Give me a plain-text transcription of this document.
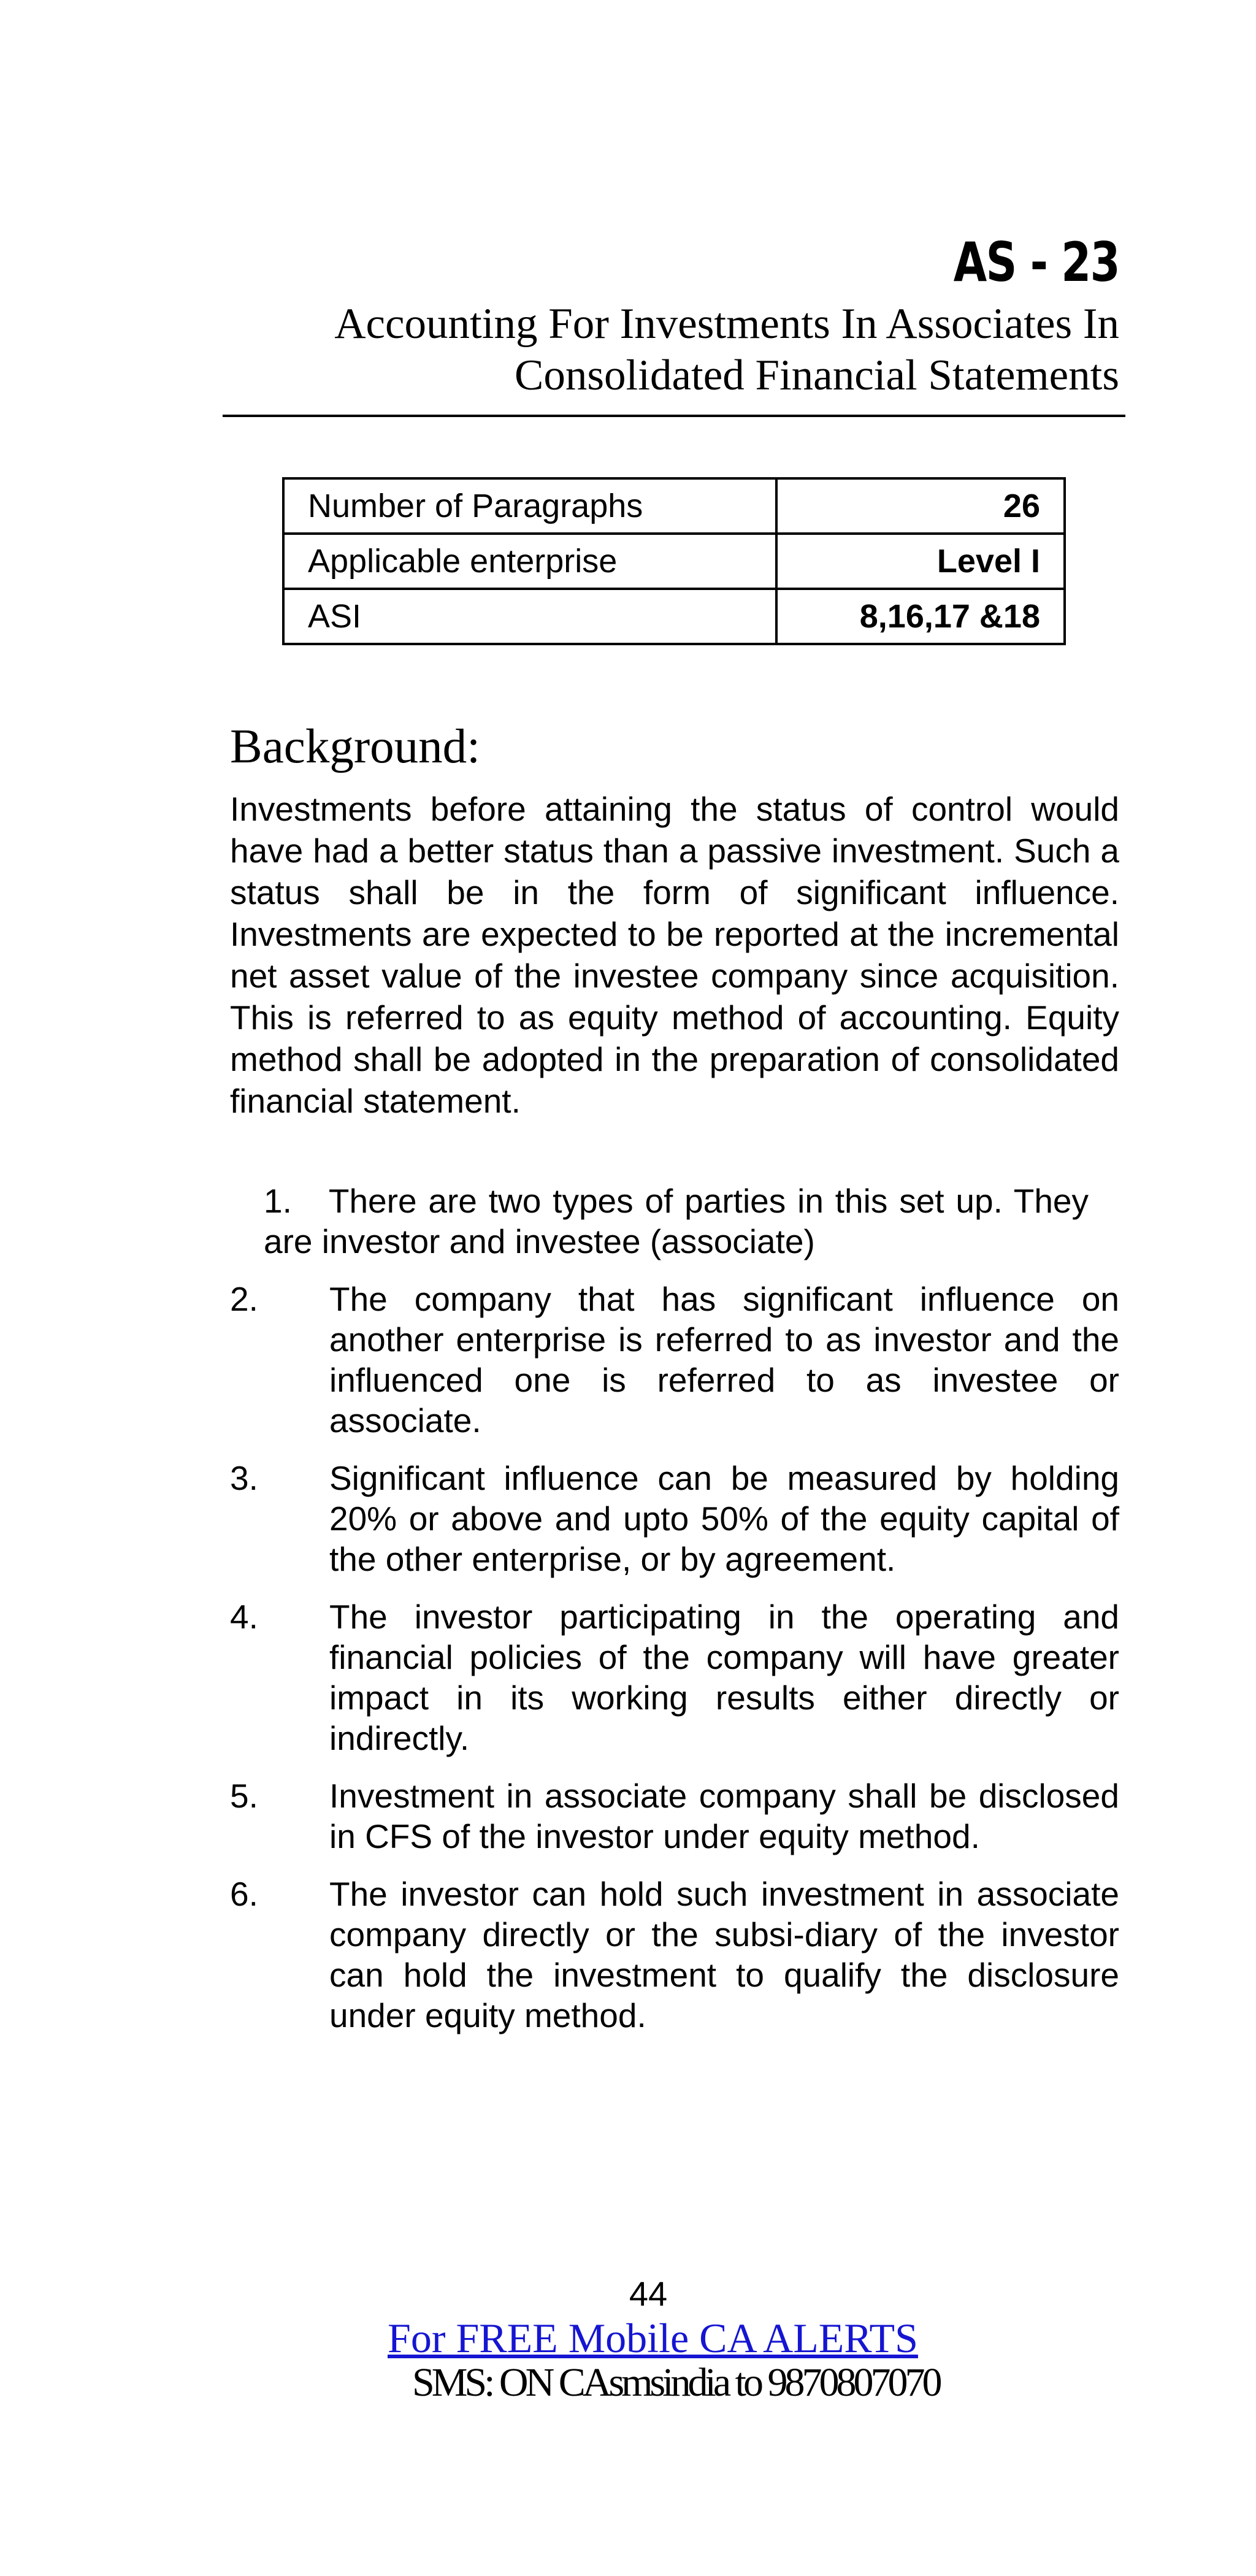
AS - 23
Accounting For Investments In Associates In
Consolidated Financial Statements
Number of Paragraphs	26
Applicable enterprise	Level I
ASI	8,16,17 &18
Background:

Investments before attaining the status of control would have had a better status than a passive investment. Such a status shall be in the form of significant influence. Investments are expected to be reported at the incremental net asset value of the investee company since acquisition. This is referred to as equity method of accounting. Equity method shall be adopted in the preparation of consolidated financial statement.

1. There are two types of parties in this set up. They are investor and investee (associate)
2.	The company that has significant influence on another enterprise is referred to as investor and the influenced one is referred to as investee or associate.
3.	Significant influence can be measured by holding 20% or above and upto 50% of the equity capital of the other enterprise, or by agreement.
4.	The investor participating in the operating and financial policies of the company will have greater impact in its working results either directly or indirectly.
5.	Investment in associate company shall be disclosed in CFS of the investor under equity method.
6.	The investor can hold such investment in associate company directly or the subsi-diary of the investor can hold the investment to qualify the disclosure under equity method.
44
For FREE Mobile CA ALERTS
SMS: ON CAsmsindia to 9870807070
